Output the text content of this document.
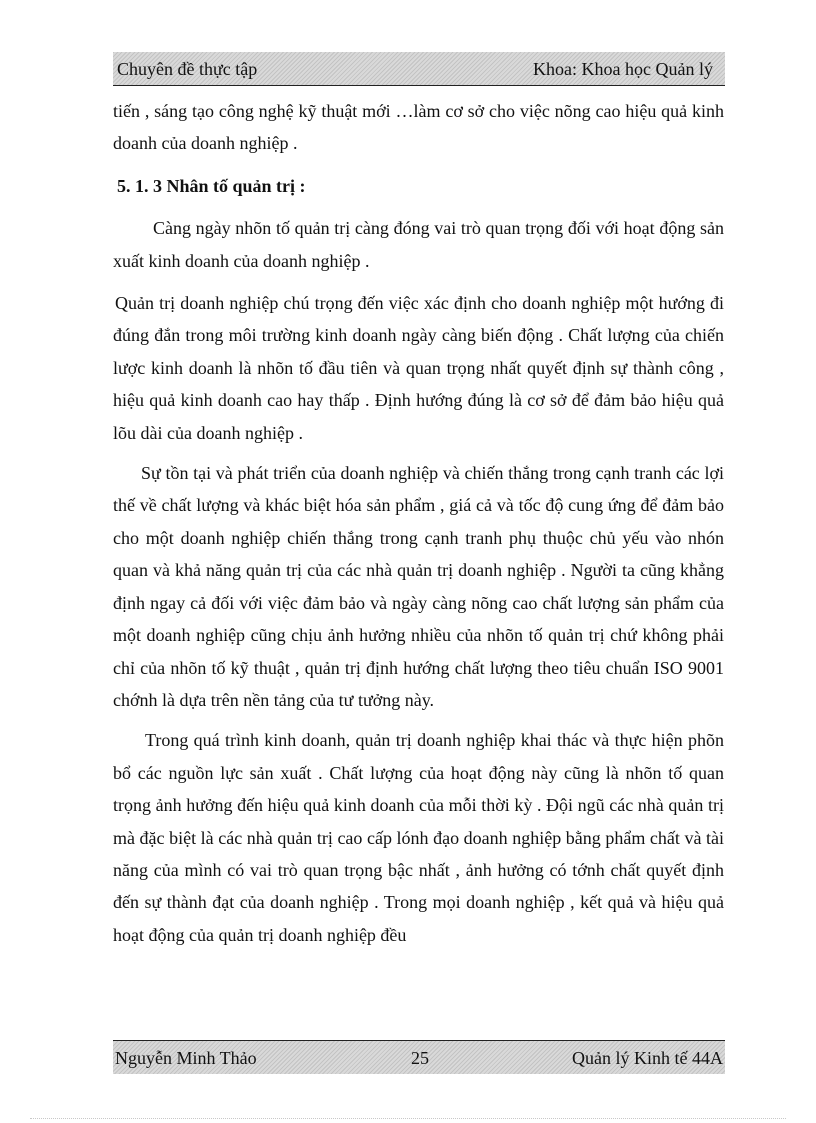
Chuyên đề thực tập	Khoa: Khoa học Quản lý

tiến , sáng tạo công nghệ kỹ thuật mới …làm cơ sở cho việc nõng cao hiệu quả kinh doanh của doanh nghiệp .

5. 1. 3 Nhân tố quản trị :

Càng ngày nhõn tố quản trị càng đóng vai trò quan trọng đối với hoạt động sản xuất kinh doanh của doanh nghiệp .

Quản trị doanh nghiệp chú trọng đến việc xác định cho doanh nghiệp một hướng đi đúng đắn trong môi trường kinh doanh ngày càng biến động . Chất lượng của chiến lược kinh doanh là nhõn tố đầu tiên và quan trọng nhất quyết định sự thành công , hiệu quả kinh doanh cao hay thấp . Định hướng đúng là cơ sở để đảm bảo hiệu quả lõu dài của doanh nghiệp .

Sự tồn tại và phát triển của doanh nghiệp và chiến thắng trong cạnh tranh các lợi thế về chất lượng và khác biệt hóa sản phẩm , giá cả và tốc độ cung ứng để đảm bảo cho một doanh nghiệp chiến thắng trong cạnh tranh phụ thuộc chủ yếu vào nhón quan và khả năng quản trị của các nhà quản trị doanh nghiệp . Người ta cũng khẳng định ngay cả đối với việc đảm bảo và ngày càng nõng cao chất lượng sản phẩm của một doanh nghiệp cũng chịu ảnh hưởng nhiều của nhõn tố quản trị chứ không phải chỉ của nhõn tố kỹ thuật , quản trị định hướng chất lượng theo tiêu chuẩn ISO 9001 chớnh là dựa trên nền tảng của tư tưởng này.

Trong quá trình kinh doanh, quản trị doanh nghiệp khai thác và thực hiện phõn bổ các nguồn lực sản xuất . Chất lượng của hoạt động này cũng là nhõn tố quan trọng ảnh hưởng đến hiệu quả kinh doanh của mỗi thời kỳ . Đội ngũ các nhà quản trị mà đặc biệt là các nhà quản trị cao cấp lónh đạo doanh nghiệp bằng phẩm chất và tài năng của mình có vai trò quan trọng bậc nhất , ảnh hưởng có tớnh chất quyết định đến sự thành đạt của doanh nghiệp . Trong mọi doanh nghiệp , kết quả và hiệu quả hoạt động của quản trị doanh nghiệp đều

Nguyễn Minh Thảo	25	Quản lý Kinh tế 44A
